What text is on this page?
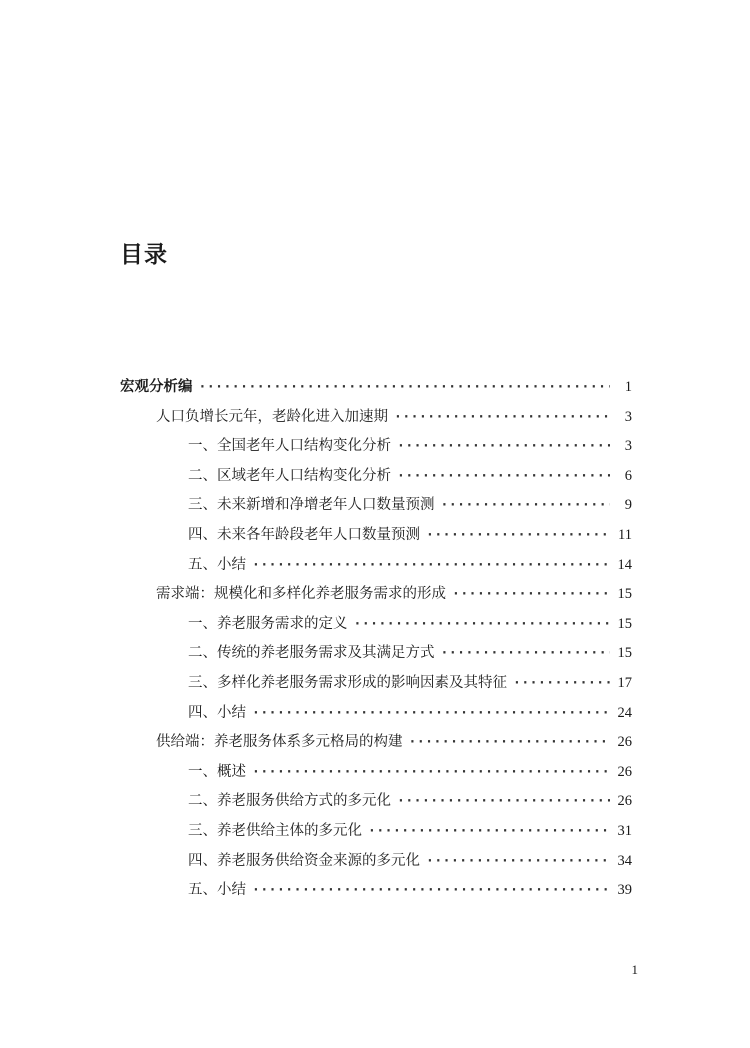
目录
宏观分析编 ·····	1
人口负增长元年，老龄化进入加速期 ·····	3
一、全国老年人口结构变化分析 ·····	3
二、区域老年人口结构变化分析 ·····	6
三、未来新增和净增老年人口数量预测 ·····	9
四、未来各年龄段老年人口数量预测 ·····	11
五、小结 ·····	14
需求端：规模化和多样化养老服务需求的形成 ·····	15
一、养老服务需求的定义 ·····	15
二、传统的养老服务需求及其满足方式 ·····	15
三、多样化养老服务需求形成的影响因素及其特征 ·····	17
四、小结 ·····	24
供给端：养老服务体系多元格局的构建 ·····	26
一、概述 ·····	26
二、养老服务供给方式的多元化 ·····	26
三、养老供给主体的多元化 ·····	31
四、养老服务供给资金来源的多元化 ·····	34
五、小结 ·····	39
1
